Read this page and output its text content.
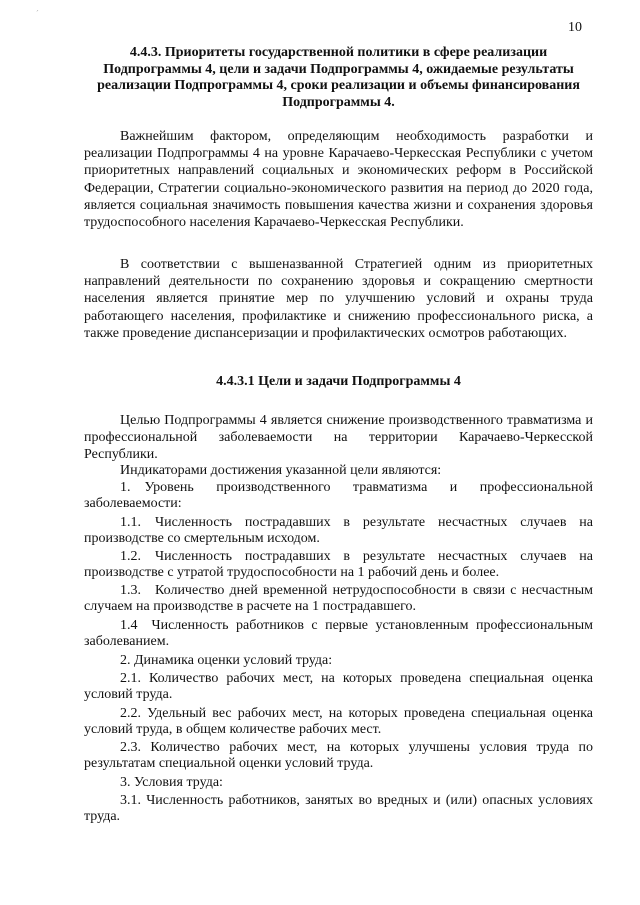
´
10
4.4.3. Приоритеты государственной политики в сфере реализации Подпрограммы 4, цели и задачи Подпрограммы 4, ожидаемые результаты реализации Подпрограммы 4, сроки реализации и объемы финансирования Подпрограммы 4.

Важнейшим фактором, определяющим необходимость разработки и реализации Подпрограммы 4 на уровне Карачаево-Черкесская Республики с учетом приоритетных направлений социальных и экономических реформ в Российской Федерации, Стратегии социально-экономического развития на период до 2020 года, является социальная значимость повышения качества жизни и сохранения здоровья трудоспособного населения Карачаево-Черкесская Республики.

В соответствии с вышеназванной Стратегией одним из приоритетных направлений деятельности по сохранению здоровья и сокращению смертности населения является принятие мер по улучшению условий и охраны труда работающего населения, профилактике и снижению профессионального риска, а также проведение диспансеризации и профилактических осмотров работающих.

4.4.3.1 Цели и задачи Подпрограммы 4

Целью Подпрограммы 4 является снижение производственного травматизма и профессиональной заболеваемости на территории Карачаево-Черкесской Республики.

Индикаторами достижения указанной цели являются:

1. Уровень производственного травматизма и профессиональной заболеваемости:

1.1. Численность пострадавших в результате несчастных случаев на производстве со смертельным исходом.

1.2. Численность пострадавших в результате несчастных случаев на производстве с утратой трудоспособности на 1 рабочий день и более.

1.3. Количество дней временной нетрудоспособности в связи с несчастным случаем на производстве в расчете на 1 пострадавшего.

1.4 Численность работников с первые установленным профессиональным заболеванием.

2. Динамика оценки условий труда:

2.1. Количество рабочих мест, на которых проведена специальная оценка условий труда.

2.2. Удельный вес рабочих мест, на которых проведена специальная оценка условий труда, в общем количестве рабочих мест.

2.3. Количество рабочих мест, на которых улучшены условия труда по результатам специальной оценки условий труда.

3. Условия труда:

3.1. Численность работников, занятых во вредных и (или) опасных условиях труда.
